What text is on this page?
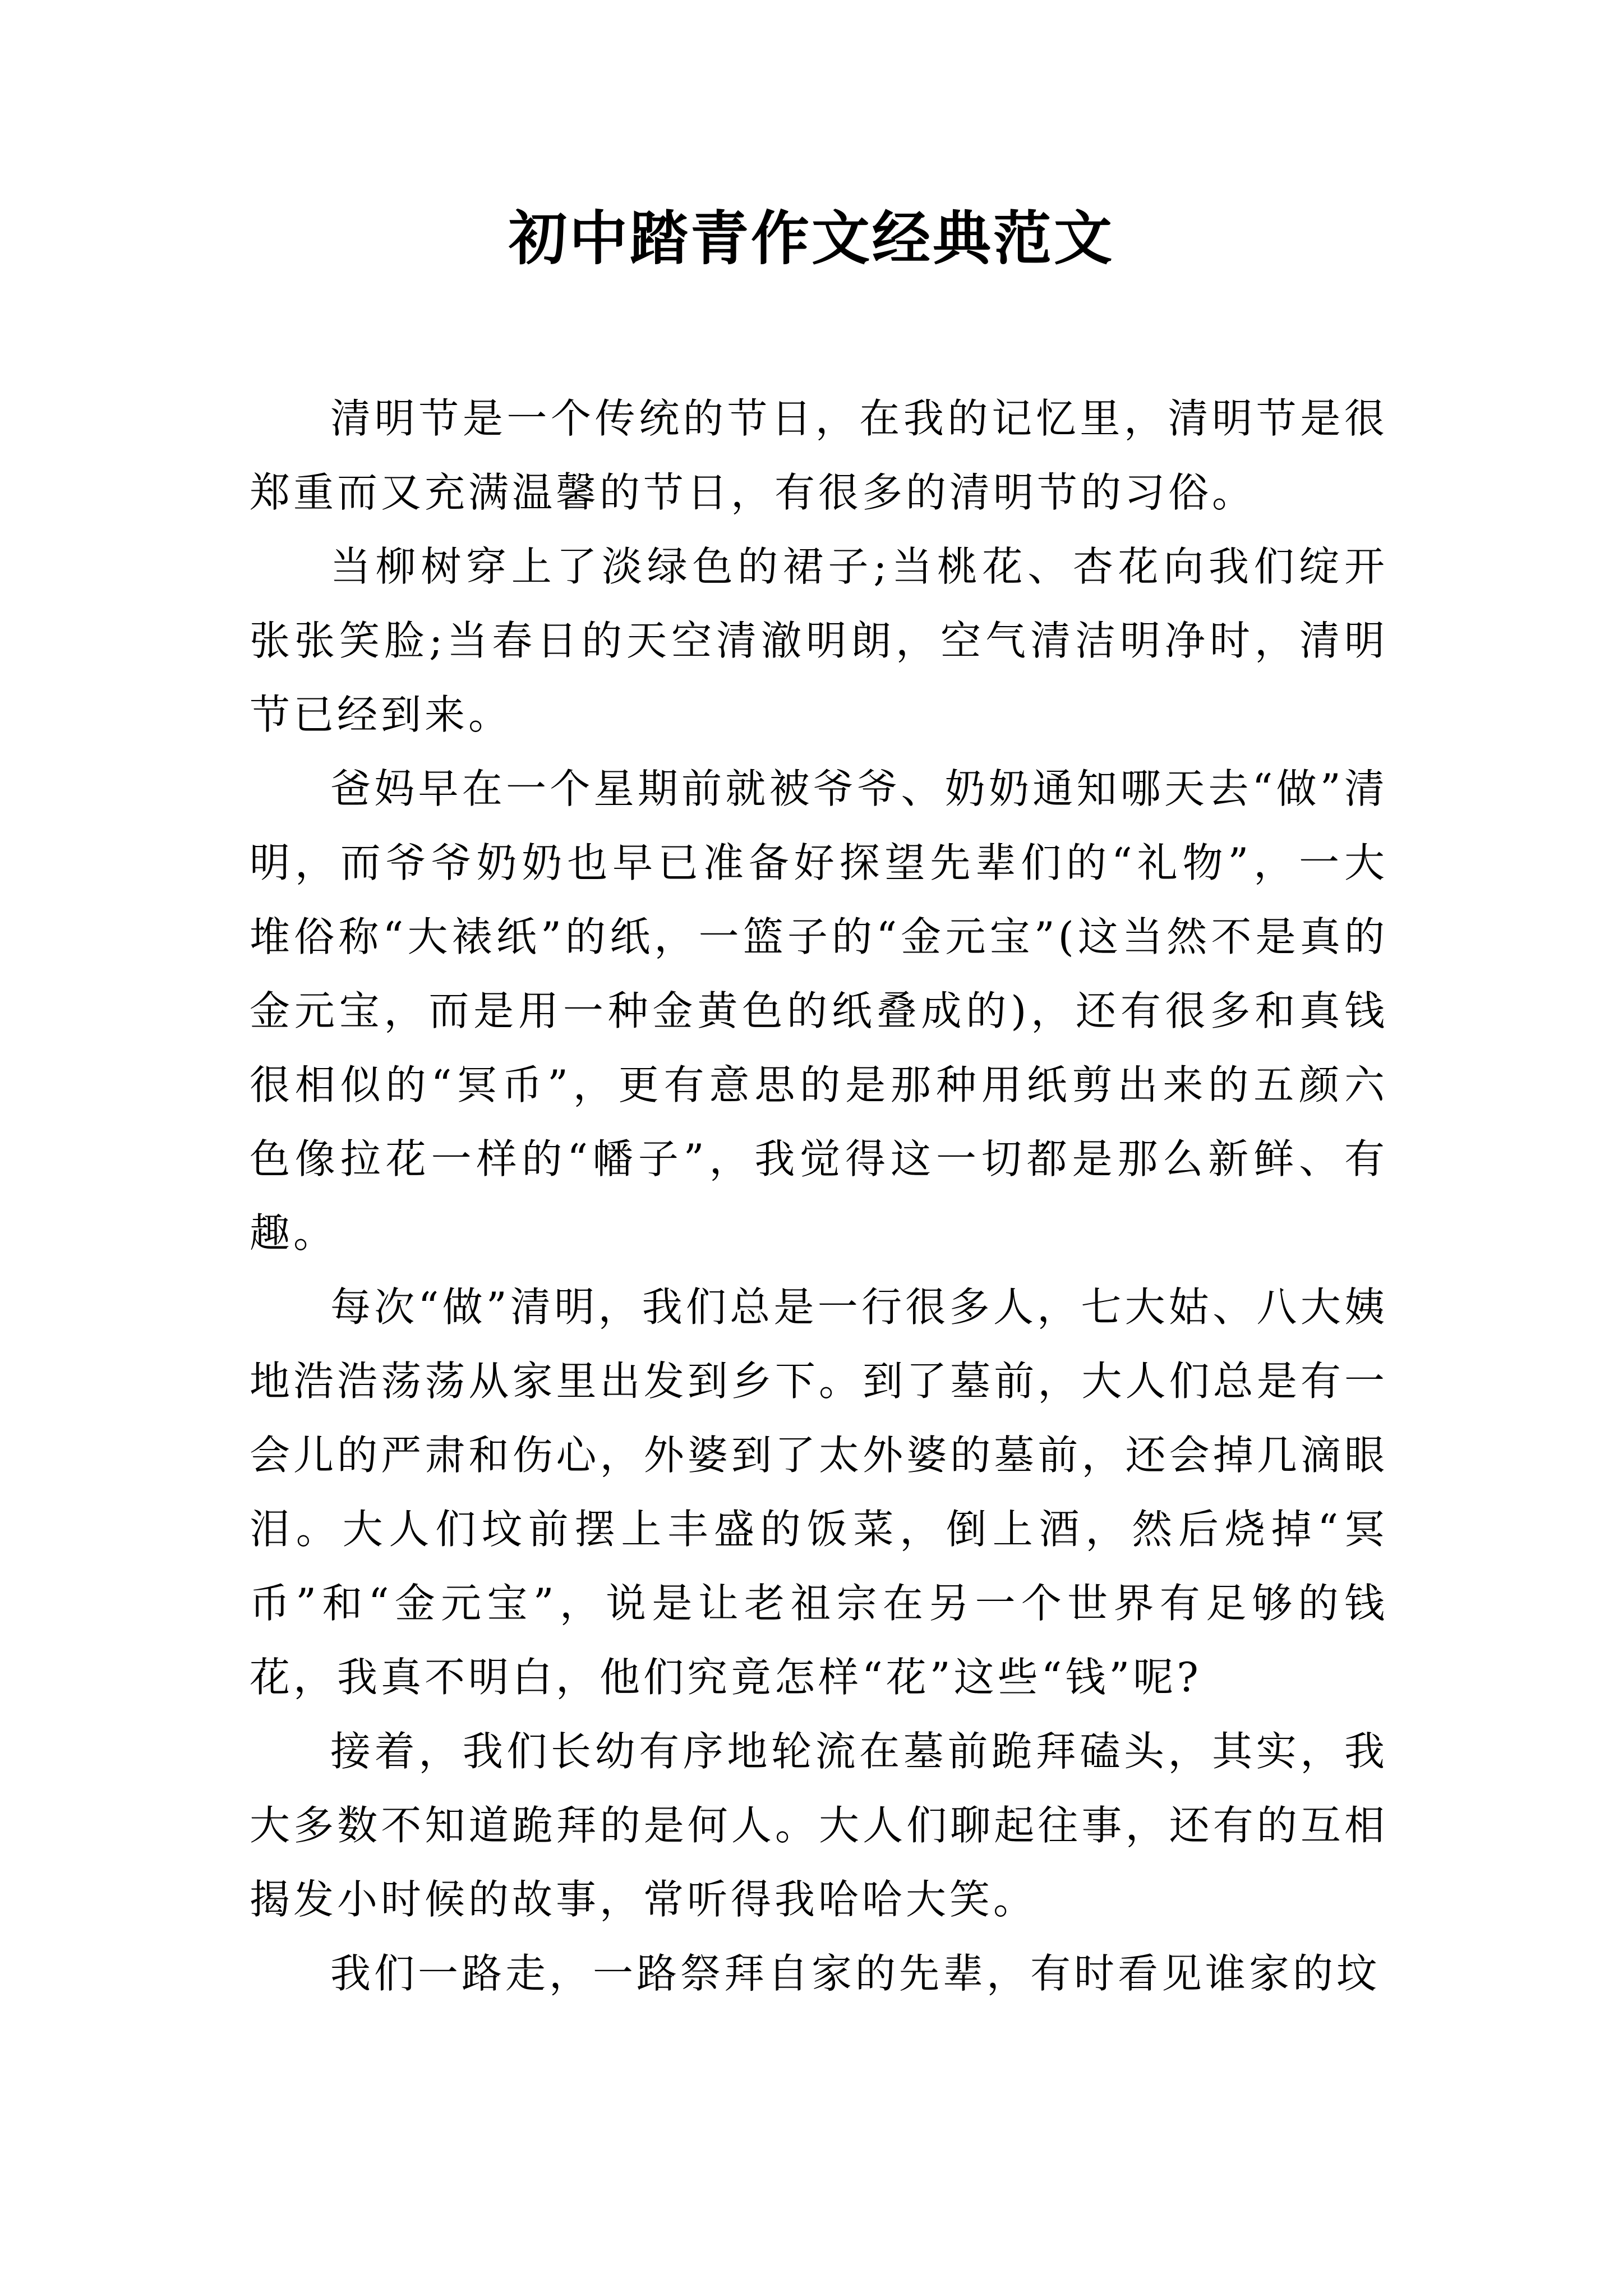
初中踏青作文经典范文

清明节是一个传统的节日，在我的记忆里，清明节是很郑重而又充满温馨的节日，有很多的清明节的习俗。

当柳树穿上了淡绿色的裙子;当桃花、杏花向我们绽开张张笑脸;当春日的天空清澈明朗，空气清洁明净时，清明节已经到来。

爸妈早在一个星期前就被爷爷、奶奶通知哪天去“做”清明，而爷爷奶奶也早已准备好探望先辈们的“礼物”，一大堆俗称“大裱纸”的纸，一篮子的“金元宝”(这当然不是真的金元宝，而是用一种金黄色的纸叠成的)，还有很多和真钱很相似的“冥币”，更有意思的是那种用纸剪出来的五颜六色像拉花一样的“幡子”，我觉得这一切都是那么新鲜、有趣。

每次“做”清明，我们总是一行很多人，七大姑、八大姨地浩浩荡荡从家里出发到乡下。到了墓前，大人们总是有一会儿的严肃和伤心，外婆到了太外婆的墓前，还会掉几滴眼泪。大人们坟前摆上丰盛的饭菜，倒上酒，然后烧掉“冥币”和“金元宝”，说是让老祖宗在另一个世界有足够的钱花，我真不明白，他们究竟怎样“花”这些“钱”呢?

接着，我们长幼有序地轮流在墓前跪拜磕头，其实，我大多数不知道跪拜的是何人。大人们聊起往事，还有的互相揭发小时候的故事，常听得我哈哈大笑。

我们一路走，一路祭拜自家的先辈，有时看见谁家的坟
